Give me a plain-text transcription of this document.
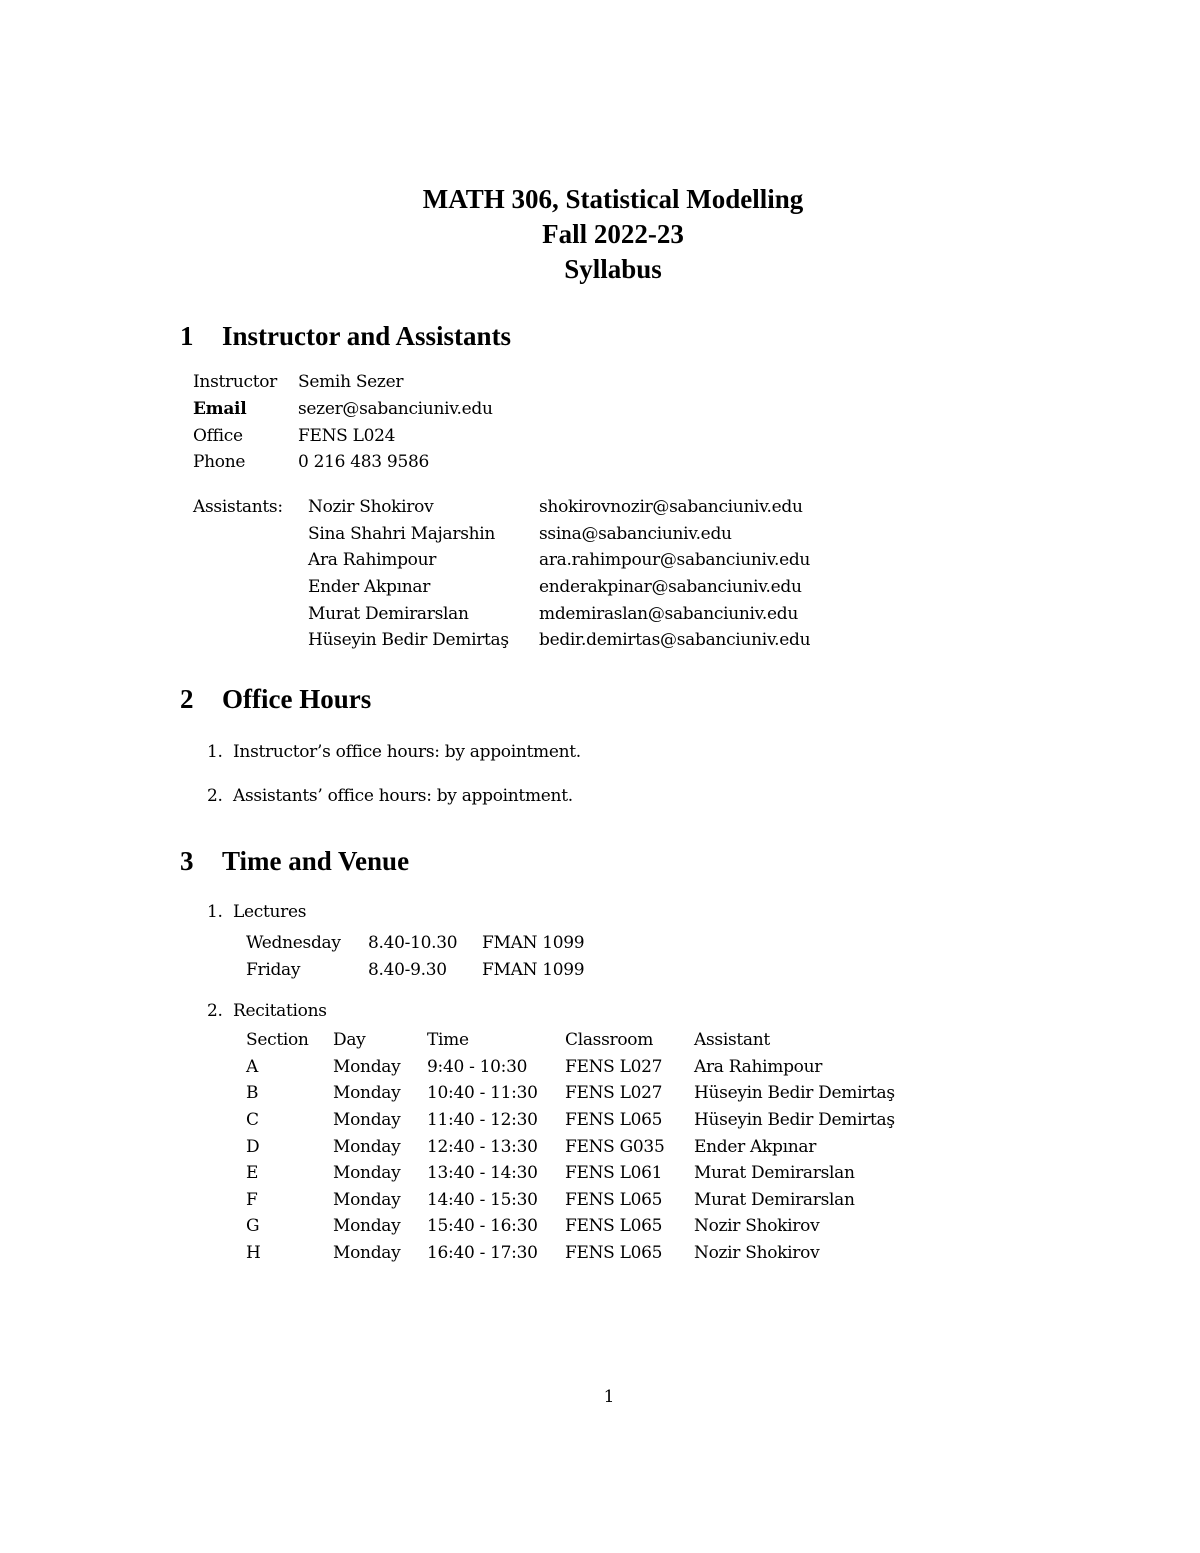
MATH 306, Statistical Modelling
Fall 2022-23
Syllabus
1 Instructor and Assistants
Instructor	Semih Sezer
Email	sezer@sabanciuniv.edu
Office	FENS L024
Phone	0 216 483 9586
Assistants:	Nozir Shokirov	shokirovnozir@sabanciuniv.edu
	Sina Shahri Majarshin	ssina@sabanciuniv.edu
	Ara Rahimpour	ara.rahimpour@sabanciuniv.edu
	Ender Akpınar	enderakpinar@sabanciuniv.edu
	Murat Demirarslan	mdemiraslan@sabanciuniv.edu
	Hüseyin Bedir Demirtaş	bedir.demirtas@sabanciuniv.edu
2 Office Hours
1. Instructor’s office hours: by appointment.
2. Assistants’ office hours: by appointment.
3 Time and Venue
1. Lectures
Wednesday	8.40-10.30	FMAN 1099
Friday	8.40-9.30	FMAN 1099
2. Recitations
Section	Day	Time	Classroom	Assistant
A	Monday	9:40 - 10:30	FENS L027	Ara Rahimpour
B	Monday	10:40 - 11:30	FENS L027	Hüseyin Bedir Demirtaş
C	Monday	11:40 - 12:30	FENS L065	Hüseyin Bedir Demirtaş
D	Monday	12:40 - 13:30	FENS G035	Ender Akpınar
E	Monday	13:40 - 14:30	FENS L061	Murat Demirarslan
F	Monday	14:40 - 15:30	FENS L065	Murat Demirarslan
G	Monday	15:40 - 16:30	FENS L065	Nozir Shokirov
H	Monday	16:40 - 17:30	FENS L065	Nozir Shokirov
1
